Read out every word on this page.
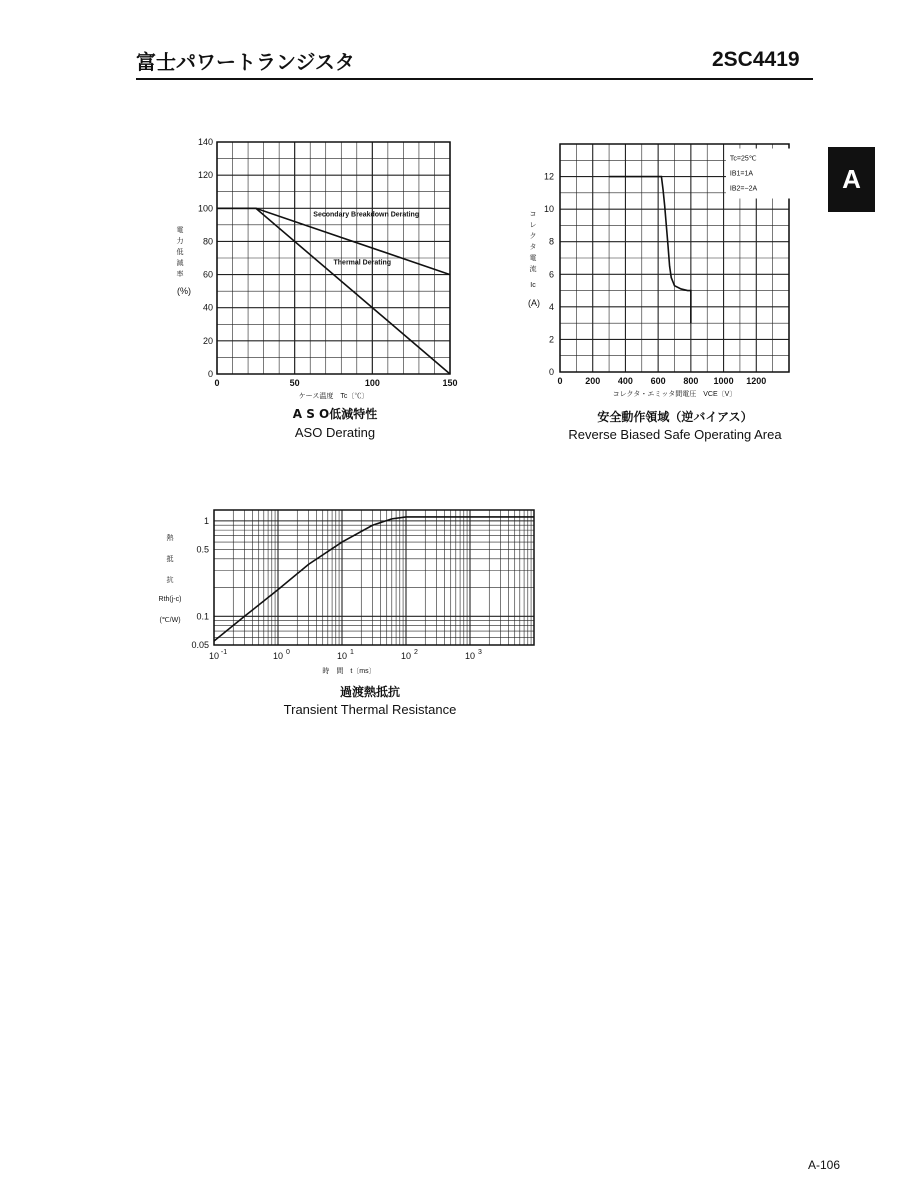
富士パワートランジスタ	2SC4419
A
0
20
40
60
80
100
120
140
0	50	100	150
ケース温度　Tc〔℃〕
電
力
低
減
率
(%)
Secondary Breakdown Derating
Thermal Derating
A S O低減特性
ASO Derating
0
2
4
6
8
10
12
0	200 400 600 800 1000 1200
コレクタ・エミッタ間電圧　VCE〔V〕
コ
レ
ク
タ
電
流
Ic
(A)
Tc=25℃
IB1=1A
IB2=−2A
安全動作領域（逆バイアス）
Reverse Biased Safe Operating Area
1
0.5
0.1
0.05
10 -1	10 0	10 1	10 2	10 3
時　間　t〔ms〕
熱
抵
抗
Rth(j-c)
(℃/W)
過渡熱抵抗
Transient Thermal Resistance
A-106
